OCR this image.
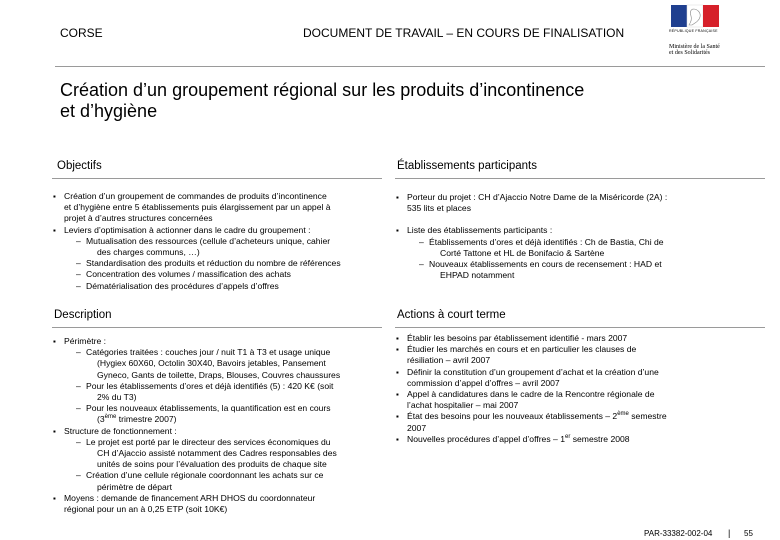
CORSE	DOCUMENT DE TRAVAIL – EN COURS DE FINALISATION	RÉPUBLIQUE FRANÇAISE
Ministère de la Santé
et des Solidarités
Création d’un groupement régional sur les produits d’incontinence
et d’hygiène
Objectifs
▪ Création d’un groupement de commandes de produits d’incontinence
et d’hygiène entre 5 établissements puis élargissement par un appel à
projet à d’autres structures concernées
▪ Leviers d’optimisation à actionner dans le cadre du groupement :
– Mutualisation des ressources (cellule d’acheteurs unique, cahier
des charges communs, …)
– Standardisation des produits et réduction du nombre de références
– Concentration des volumes / massification des achats
– Dématérialisation des procédures d’appels d’offres
Description
▪ Périmètre :
– Catégories traitées : couches jour / nuit T1 à T3 et usage unique
(Hygiex 60X60, Octolin 30X40, Bavoirs jetables, Pansement
Gyneco, Gants de toilette, Draps, Blouses, Couvres chaussures
– Pour les établissements d’ores et déjà identifiés (5) : 420 K€ (soit
2% du T3)
– Pour les nouveaux établissements, la quantification est en cours
(3ème trimestre 2007)
▪ Structure de fonctionnement :
– Le projet est porté par le directeur des services économiques du
CH d’Ajaccio assisté notamment des Cadres responsables des
unités de soins pour l’évaluation des produits de chaque site
– Création d’une cellule régionale coordonnant les achats sur ce
périmètre de départ
▪ Moyens : demande de financement ARH DHOS du coordonnateur
régional pour un an à 0,25 ETP (soit 10K€)
Établissements participants
▪ Porteur du projet : CH d’Ajaccio Notre Dame de la Miséricorde (2A) :
535 lits et places
▪ Liste des établissements participants :
– Établissements d’ores et déjà identifiés : Ch de Bastia, Chi de
Corté Tattone et HL de Bonifacio & Sartène
– Nouveaux établissements en cours de recensement : HAD et
EHPAD notamment
Actions à court terme
▪ Établir les besoins par établissement identifié - mars 2007
▪ Étudier les marchés en cours et en particulier les clauses de
résiliation – avril 2007
▪ Définir la constitution d’un groupement d’achat et la création d’une
commission d’appel d’offres – avril 2007
▪ Appel à candidatures dans le cadre de la Rencontre régionale de
l’achat hospitalier – mai 2007
▪ État des besoins pour les nouveaux établissements – 2ème semestre
2007
▪ Nouvelles procédures d’appel d’offres – 1er semestre 2008
PAR-33382-002-04 | 55
